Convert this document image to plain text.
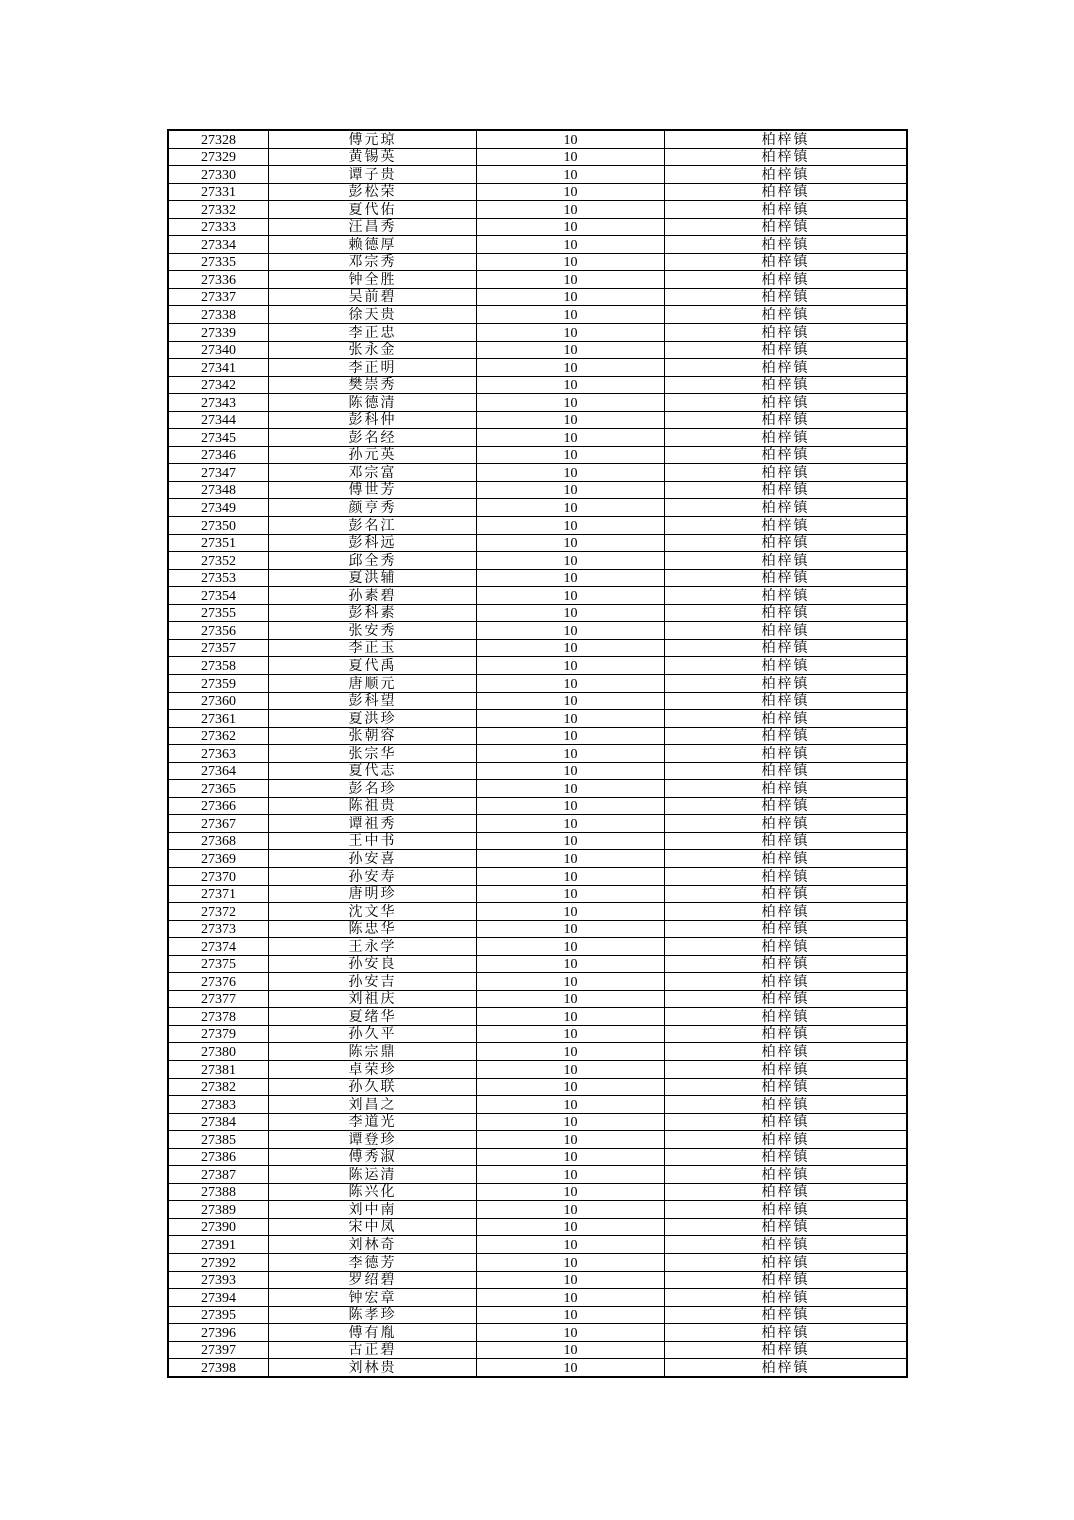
27328	傅元琼	10	柏梓镇
27329	黄锡英	10	柏梓镇
27330	谭子贵	10	柏梓镇
27331	彭松荣	10	柏梓镇
27332	夏代佑	10	柏梓镇
27333	汪昌秀	10	柏梓镇
27334	赖德厚	10	柏梓镇
27335	邓宗秀	10	柏梓镇
27336	钟全胜	10	柏梓镇
27337	吴前碧	10	柏梓镇
27338	徐天贵	10	柏梓镇
27339	李正忠	10	柏梓镇
27340	张永金	10	柏梓镇
27341	李正明	10	柏梓镇
27342	樊崇秀	10	柏梓镇
27343	陈德清	10	柏梓镇
27344	彭科仲	10	柏梓镇
27345	彭名经	10	柏梓镇
27346	孙元英	10	柏梓镇
27347	邓宗富	10	柏梓镇
27348	傅世芳	10	柏梓镇
27349	颜亨秀	10	柏梓镇
27350	彭名江	10	柏梓镇
27351	彭科远	10	柏梓镇
27352	邱全秀	10	柏梓镇
27353	夏洪辅	10	柏梓镇
27354	孙素碧	10	柏梓镇
27355	彭科素	10	柏梓镇
27356	张安秀	10	柏梓镇
27357	李正玉	10	柏梓镇
27358	夏代禹	10	柏梓镇
27359	唐顺元	10	柏梓镇
27360	彭科望	10	柏梓镇
27361	夏洪珍	10	柏梓镇
27362	张朝容	10	柏梓镇
27363	张宗华	10	柏梓镇
27364	夏代志	10	柏梓镇
27365	彭名珍	10	柏梓镇
27366	陈祖贵	10	柏梓镇
27367	谭祖秀	10	柏梓镇
27368	王中书	10	柏梓镇
27369	孙安喜	10	柏梓镇
27370	孙安寿	10	柏梓镇
27371	唐明珍	10	柏梓镇
27372	沈文华	10	柏梓镇
27373	陈忠华	10	柏梓镇
27374	王永学	10	柏梓镇
27375	孙安良	10	柏梓镇
27376	孙安吉	10	柏梓镇
27377	刘祖庆	10	柏梓镇
27378	夏绪华	10	柏梓镇
27379	孙久平	10	柏梓镇
27380	陈宗鼎	10	柏梓镇
27381	卓荣珍	10	柏梓镇
27382	孙久联	10	柏梓镇
27383	刘昌之	10	柏梓镇
27384	李道光	10	柏梓镇
27385	谭登珍	10	柏梓镇
27386	傅秀淑	10	柏梓镇
27387	陈运清	10	柏梓镇
27388	陈兴化	10	柏梓镇
27389	刘中南	10	柏梓镇
27390	宋中凤	10	柏梓镇
27391	刘林奇	10	柏梓镇
27392	李德芳	10	柏梓镇
27393	罗绍碧	10	柏梓镇
27394	钟宏章	10	柏梓镇
27395	陈孝珍	10	柏梓镇
27396	傅有胤	10	柏梓镇
27397	古正碧	10	柏梓镇
27398	刘林贵	10	柏梓镇
